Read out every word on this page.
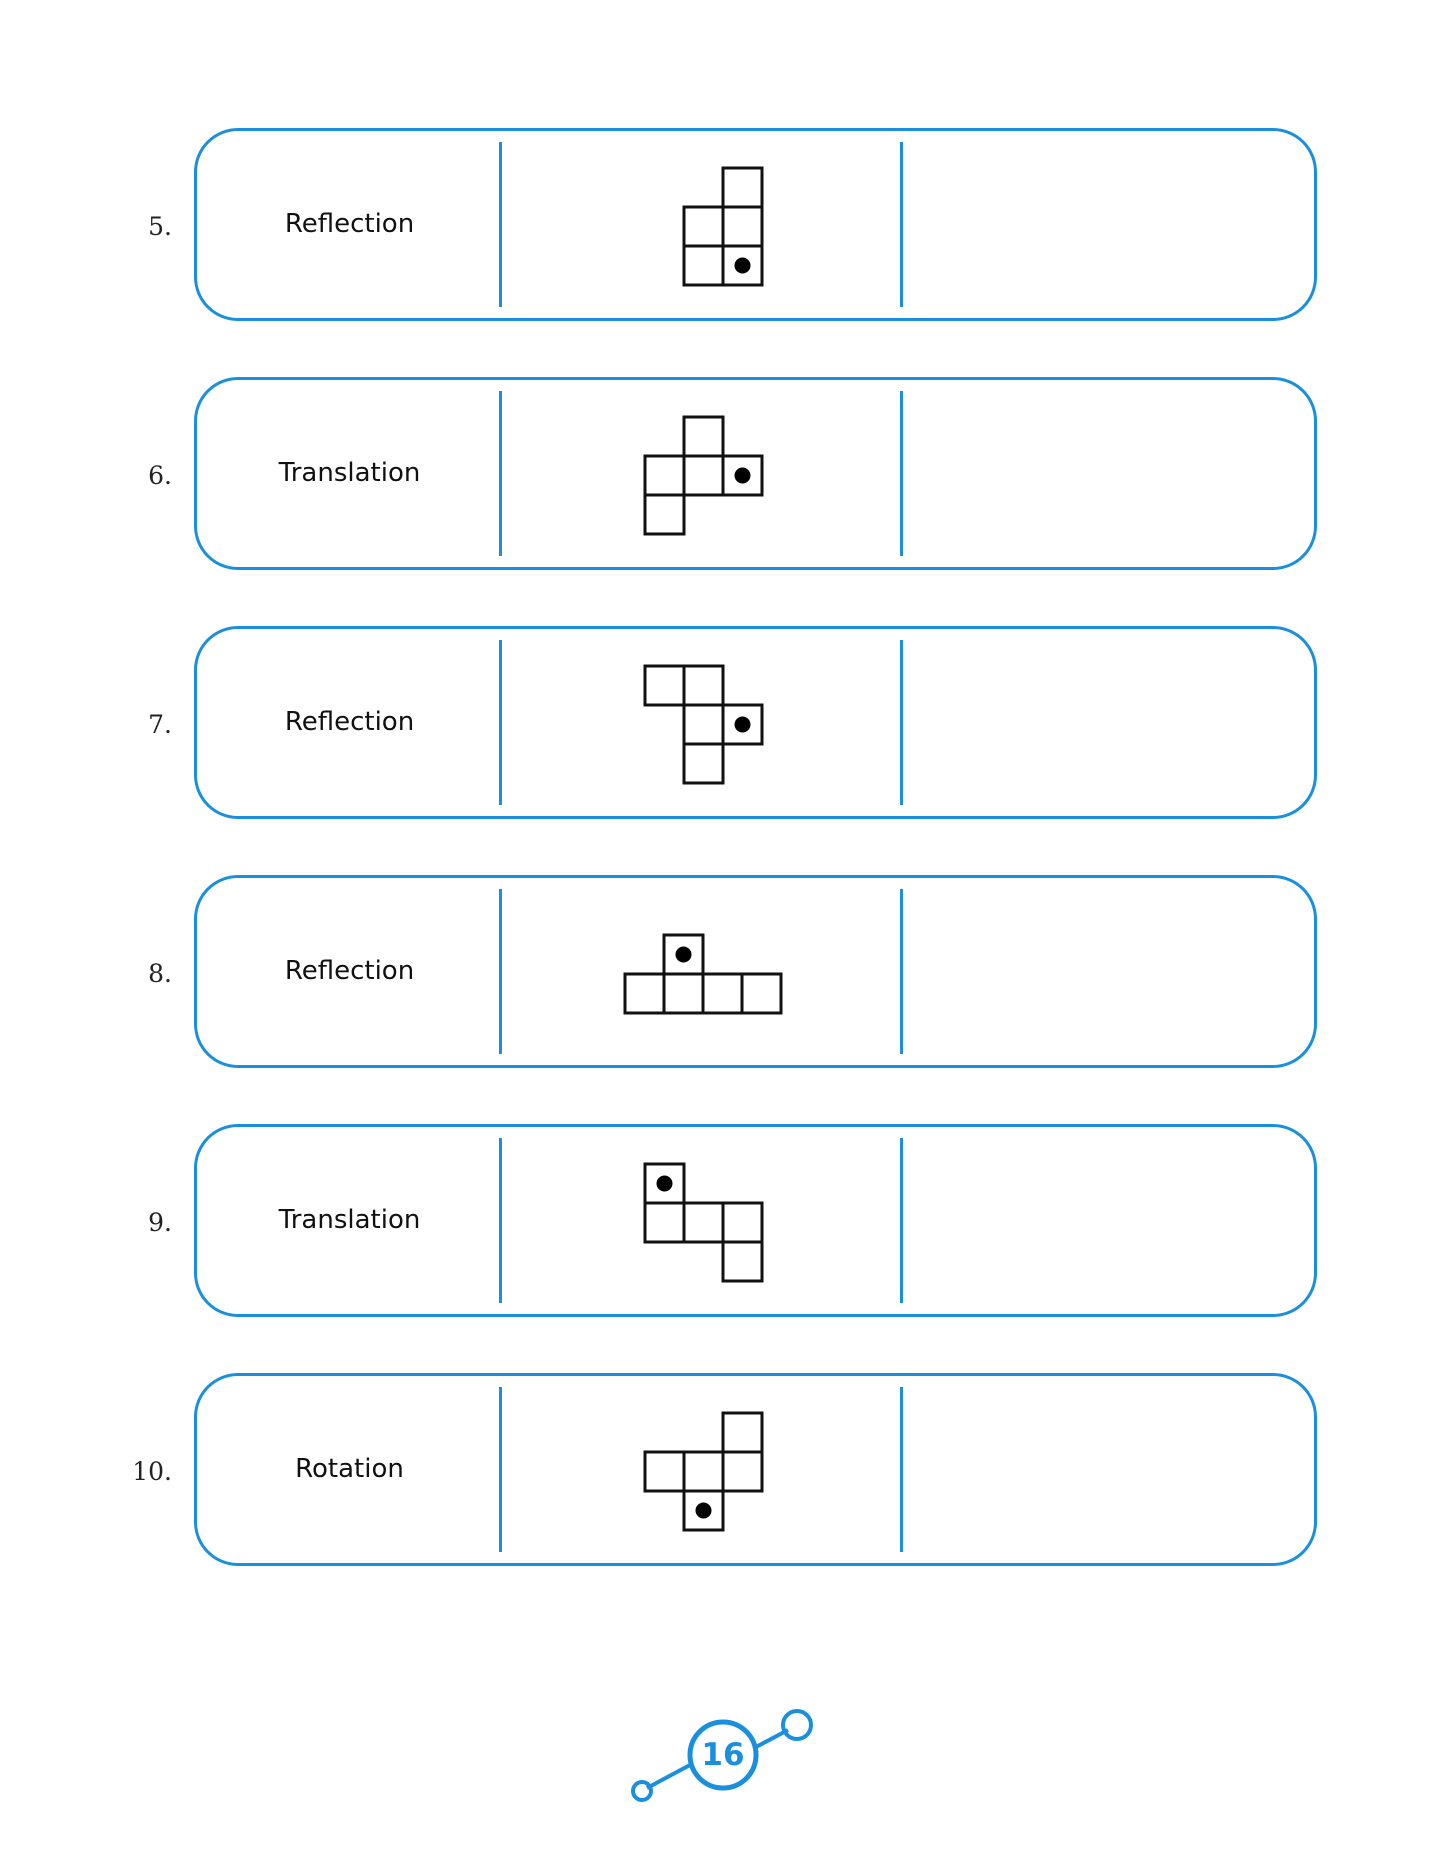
5.	Reflection
6.	Translation
7.	Reflection
8.	Reflection
9.	Translation
10.	Rotation
16
